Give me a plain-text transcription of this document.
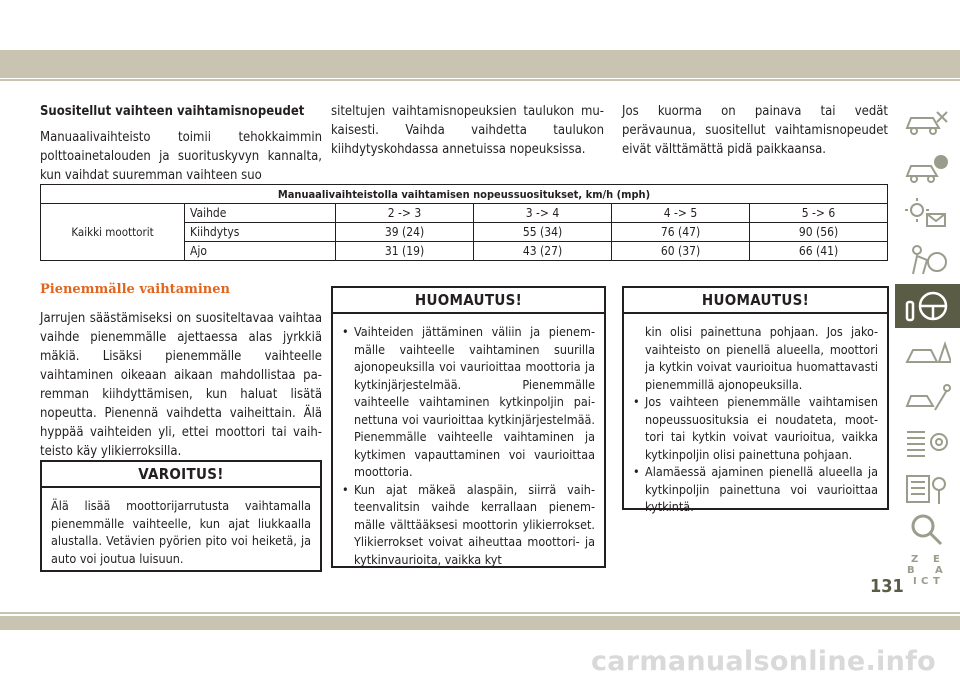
Suositellut vaihteen vaihtamisnopeudet

Manuaalivaihteisto toimii tehokkaimmin polttoainetalouden ja suorituskyvyn kannalta, kun vaihdat suuremman vaihteen suo

siteltujen vaihtamisnopeuksien taulukon mukaisesti. Vaihda vaihdetta taulukon kiihdytyskohdassa annetuissa nopeuksissa.

Jos kuorma on painava tai vedät perävaunua, suositellut vaihtamisnopeudet eivät välttämättä pidä paikkaansa.

Manuaalivaihteistolla vaihtamisen nopeussuositukset, km/h (mph)					
Kaikki moottorit	Vaihde	2 -> 3	3 -> 4	4 -> 5	5 -> 6
	Kiihdytys	39 (24)	55 (34)	76 (47)	90 (56)
	Ajo	31 (19)	43 (27)	60 (37)	66 (41)
Pienemmälle vaihtaminen

Jarrujen säästämiseksi on suositeltavaa vaihtaa vaihde pienemmälle ajettaessa alas jyrkkiä mäkiä. Lisäksi pienemmälle vaihteelle vaihtaminen oikeaan aikaan mahdollistaa paremman kiihdyttämisen, kun haluat lisätä nopeutta. Pienennä vaihdetta vaiheittain. Älä hyppää vaihteiden yli, ettei moottori tai vaihteisto käy ylikierroksilla.

VAROITUS!
Älä lisää moottorijarrutusta vaihtamalla pienemmälle vaihteelle, kun ajat liukkaalla alustalla. Vetävien pyörien pito voi heiketä, ja auto voi joutua luisuun.
HUOMAUTUS!
• Vaihteiden jättäminen väliin ja pienemmälle vaihteelle vaihtaminen suurilla ajonopeuksilla voi vaurioittaa moottoria ja kytkinjärjestelmää. Pienemmälle vaihteelle vaihtaminen kytkinpoljin painettuna voi vaurioittaa kytkinjärjestelmää. Pienemmälle vaihteelle vaihtaminen ja kytkimen vapauttaminen voi vaurioittaa moottoria.
• Kun ajat mäkeä alaspäin, siirrä vaihteenvalitsin vaihde kerrallaan pienemmälle välttääksesi moottorin ylikierrokset. Ylikierrokset voivat aiheuttaa moottori- ja kytkinvaurioita, vaikka kyt
HUOMAUTUS!
kin olisi painettuna pohjaan. Jos jakovaihteisto on pienellä alueella, moottori ja kytkin voivat vaurioitua huomattavasti pienemmillä ajonopeuksilla.
• Jos vaihteen pienemmälle vaihtamisen nopeussuosituksia ei noudateta, moottori tai kytkin voivat vaurioitua, vaikka kytkinpoljin olisi painettuna pohjaan.
• Alamäessä ajaminen pienellä alueella ja kytkinpoljin painettuna voi vaurioittaa kytkintä.
Z E
B A
I C T
131
carmanualsonline.info
